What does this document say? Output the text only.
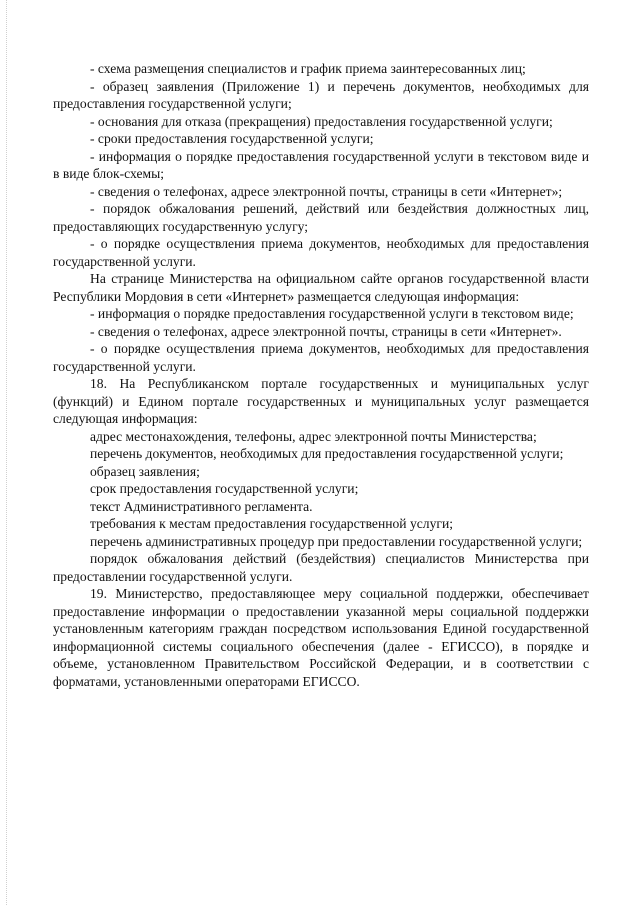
- схема размещения специалистов и график приема заинтересованных лиц;

- образец заявления (Приложение 1) и перечень документов, необходимых для предоставления государственной услуги;

- основания для отказа (прекращения) предоставления государственной услуги;

- сроки предоставления государственной услуги;

- информация о порядке предоставления государственной услуги в текстовом виде и в виде блок-схемы;

- сведения о телефонах, адресе электронной почты, страницы в сети «Интернет»;

- порядок обжалования решений, действий или бездействия должностных лиц, предоставляющих государственную услугу;

- о порядке осуществления приема документов, необходимых для предоставления государственной услуги.

На странице Министерства на официальном сайте органов государственной власти Республики Мордовия в сети «Интернет» размещается следующая информация:

- информация о порядке предоставления государственной услуги в текстовом виде;

- сведения о телефонах, адресе электронной почты, страницы в сети «Интернет».

- о порядке осуществления приема документов, необходимых для предоставления государственной услуги.

18. На Республиканском портале государственных и муниципальных услуг (функций) и Едином портале государственных и муниципальных услуг размещается следующая информация:

адрес местонахождения, телефоны, адрес электронной почты Министерства;

перечень документов, необходимых для предоставления государственной услуги;

образец заявления;

срок предоставления государственной услуги;

текст Административного регламента.

требования к местам предоставления государственной услуги;

перечень административных процедур при предоставлении государственной услуги;

порядок обжалования действий (бездействия) специалистов Министерства при предоставлении государственной услуги.

19. Министерство, предоставляющее меру социальной поддержки, обеспечивает предоставление информации о предоставлении указанной меры социальной поддержки установленным категориям граждан посредством использования Единой государственной информационной системы социального обеспечения (далее - ЕГИССО), в порядке и объеме, установленном Правительством Российской Федерации, и в соответствии с форматами, установленными операторами ЕГИССО.
